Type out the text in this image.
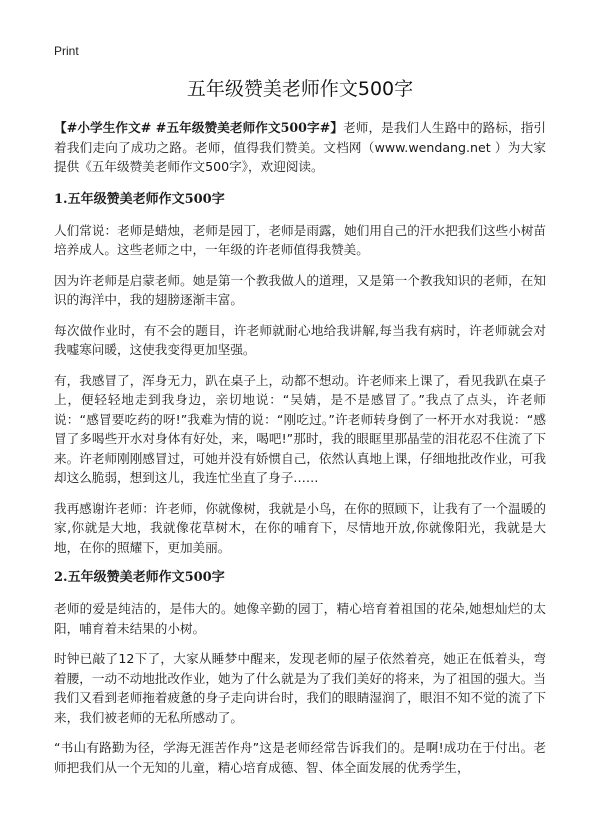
Print
五年级赞美老师作文500字

【#小学生作文# #五年级赞美老师作文500字#】老师，是我们人生路中的路标，指引着我们走向了成功之路。老师，值得我们赞美。文档网（www.wendang.net ）为大家提供《五年级赞美老师作文500字》，欢迎阅读。

1.五年级赞美老师作文500字

人们常说：老师是蜡烛，老师是园丁，老师是雨露，她们用自己的汗水把我们这些小树苗培养成人。这些老师之中，一年级的许老师值得我赞美。

因为许老师是启蒙老师。她是第一个教我做人的道理，又是第一个教我知识的老师，在知识的海洋中，我的翅膀逐渐丰富。

每次做作业时，有不会的题目，许老师就耐心地给我讲解,每当我有病时，许老师就会对我嘘寒问暖，这使我变得更加坚强。

有，我感冒了，浑身无力，趴在桌子上，动都不想动。许老师来上课了，看见我趴在桌子上，便轻轻地走到我身边，亲切地说：“吴婧，是不是感冒了。”我点了点头，许老师说：“感冒要吃药的呀!”我难为情的说：“刚吃过。”许老师转身倒了一杯开水对我说：“感冒了多喝些开水对身体有好处，来，喝吧!”那时，我的眼眶里那晶莹的泪花忍不住流了下来。许老师刚刚感冒过，可她并没有娇惯自己，依然认真地上课，仔细地批改作业，可我却这么脆弱，想到这儿，我连忙坐直了身子……

我再感谢许老师：许老师，你就像树，我就是小鸟，在你的照顾下，让我有了一个温暖的家,你就是大地，我就像花草树木，在你的哺育下，尽情地开放,你就像阳光，我就是大地，在你的照耀下，更加美丽。

2.五年级赞美老师作文500字

老师的爱是纯洁的，是伟大的。她像辛勤的园丁，精心培育着祖国的花朵,她想灿烂的太阳，哺育着未结果的小树。

时钟已敲了12下了，大家从睡梦中醒来，发现老师的屋子依然着亮，她正在低着头，弯着腰，一动不动地批改作业，她为了什么就是为了我们美好的将来，为了祖国的强大。当我们又看到老师拖着疲惫的身子走向讲台时，我们的眼睛湿润了，眼泪不知不觉的流了下来，我们被老师的无私所感动了。

“书山有路勤为径，学海无涯苦作舟”这是老师经常告诉我们的。是啊!成功在于付出。老师把我们从一个无知的儿童，精心培育成德、智、体全面发展的优秀学生，
